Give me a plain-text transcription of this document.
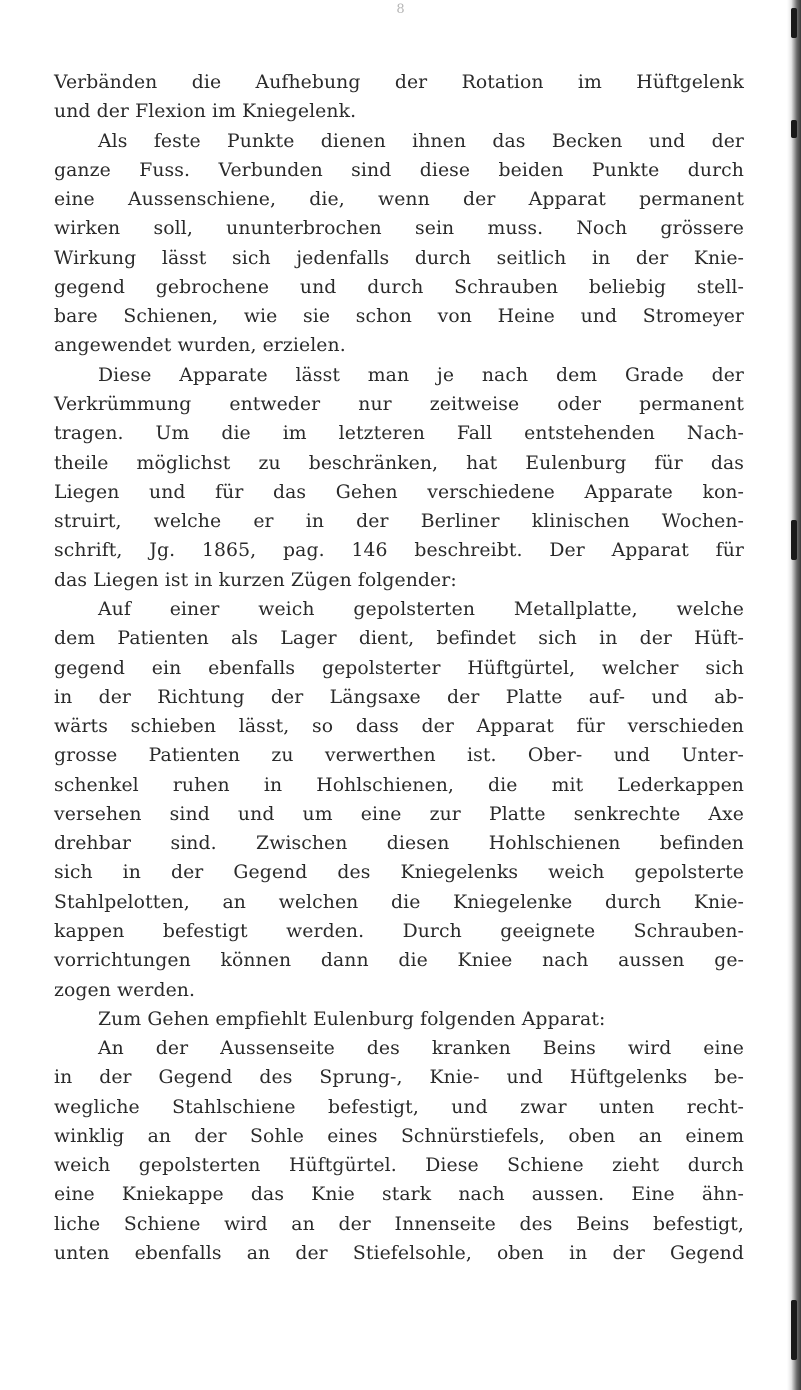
8
Verbänden die Aufhebung der Rotation im Hüftgelenk
und der Flexion im Kniegelenk.
Als feste Punkte dienen ihnen das Becken und der
ganze Fuss. Verbunden sind diese beiden Punkte durch
eine Aussenschiene, die, wenn der Apparat permanent
wirken soll, ununterbrochen sein muss. Noch grössere
Wirkung lässt sich jedenfalls durch seitlich in der Knie-
gegend gebrochene und durch Schrauben beliebig stell-
bare Schienen, wie sie schon von Heine und Stromeyer
angewendet wurden, erzielen.
Diese Apparate lässt man je nach dem Grade der
Verkrümmung entweder nur zeitweise oder permanent
tragen. Um die im letzteren Fall entstehenden Nach-
theile möglichst zu beschränken, hat Eulenburg für das
Liegen und für das Gehen verschiedene Apparate kon-
struirt, welche er in der Berliner klinischen Wochen-
schrift, Jg. 1865, pag. 146 beschreibt. Der Apparat für
das Liegen ist in kurzen Zügen folgender:
Auf einer weich gepolsterten Metallplatte, welche
dem Patienten als Lager dient, befindet sich in der Hüft-
gegend ein ebenfalls gepolsterter Hüftgürtel, welcher sich
in der Richtung der Längsaxe der Platte auf- und ab-
wärts schieben lässt, so dass der Apparat für verschieden
grosse Patienten zu verwerthen ist. Ober- und Unter-
schenkel ruhen in Hohlschienen, die mit Lederkappen
versehen sind und um eine zur Platte senkrechte Axe
drehbar sind. Zwischen diesen Hohlschienen befinden
sich in der Gegend des Kniegelenks weich gepolsterte
Stahlpelotten, an welchen die Kniegelenke durch Knie-
kappen befestigt werden. Durch geeignete Schrauben-
vorrichtungen können dann die Kniee nach aussen ge-
zogen werden.
Zum Gehen empfiehlt Eulenburg folgenden Apparat:
An der Aussenseite des kranken Beins wird eine
in der Gegend des Sprung-, Knie- und Hüftgelenks be-
wegliche Stahlschiene befestigt, und zwar unten recht-
winklig an der Sohle eines Schnürstiefels, oben an einem
weich gepolsterten Hüftgürtel. Diese Schiene zieht durch
eine Kniekappe das Knie stark nach aussen. Eine ähn-
liche Schiene wird an der Innenseite des Beins befestigt,
unten ebenfalls an der Stiefelsohle, oben in der Gegend
